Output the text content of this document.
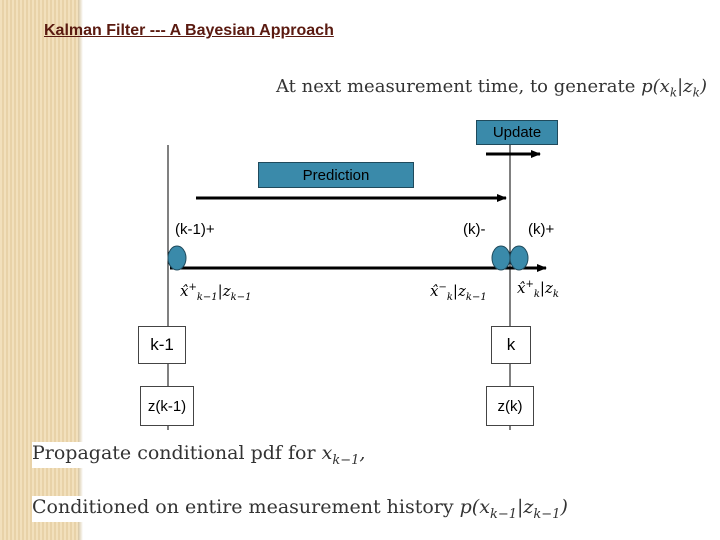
Kalman Filter --- A Bayesian Approach
At next measurement time, to generate $p(x_k|z_k)$
Update
Prediction
(k-1)+	(k)-	(k)+
$x̂^+_{k-1}|z_{k-1}$	$x̂^-_k|z_{k-1}$
$x̂^+_k|z_k$
k-1	k
z(k-1)	z(k)
Propagate conditional pdf for $x_{k-1}$,
Conditioned on entire measurement history $p(x_{k-1}|z_{k-1})$
